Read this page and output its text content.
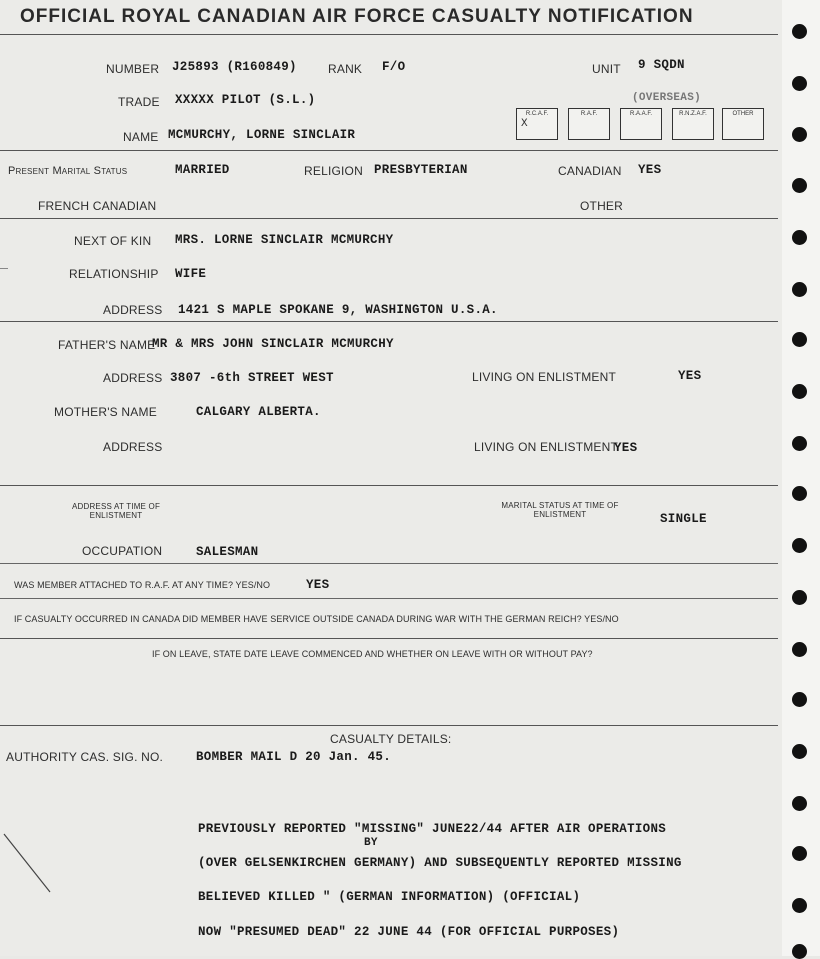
OFFICIAL ROYAL CANADIAN AIR FORCE CASUALTY NOTIFICATION
NUMBER J25893 (R160849)	RANK F/O	UNIT 9 SQDN
TRADE XXXXX PILOT (S.L.)	(OVERSEAS)
NAME MCMURCHY, LORNE SINCLAIR
R.C.A.F.
X
R.A.F.	R.A.A.F.	R.N.Z.A.F.	OTHER
Present Marital Status	MARRIED	RELIGION PRESBYTERIAN	CANADIAN YES
FRENCH CANADIAN	OTHER
NEXT OF KIN MRS. LORNE SINCLAIR MCMURCHY
RELATIONSHIP WIFE
ADDRESS 1421 S MAPLE SPOKANE 9, WASHINGTON U.S.A.
FATHER'S NAME
MR & MRS JOHN SINCLAIR MCMURCHY
ADDRESS 3807 -6th STREET WEST	LIVING ON ENLISTMENT	YES
MOTHER'S NAME	CALGARY ALBERTA.
ADDRESS	LIVING ON ENLISTMENT
YES
ADDRESS AT TIME OF ENLISTMENT
MARITAL STATUS AT TIME OF ENLISTMENT	SINGLE
OCCUPATION	SALESMAN
WAS MEMBER ATTACHED TO R.A.F. AT ANY TIME? YES/NO	YES
IF CASUALTY OCCURRED IN CANADA DID MEMBER HAVE SERVICE OUTSIDE CANADA DURING WAR WITH THE GERMAN REICH? YES/NO
IF ON LEAVE, STATE DATE LEAVE COMMENCED AND WHETHER ON LEAVE WITH OR WITHOUT PAY?
CASUALTY DETAILS:
AUTHORITY CAS. SIG. NO.	BOMBER MAIL D 20 Jan. 45.
BY
PREVIOUSLY REPORTED "MISSING" JUNE22/44 AFTER AIR OPERATIONS
(OVER GELSENKIRCHEN GERMANY) AND SUBSEQUENTLY REPORTED MISSING
BELIEVED KILLED " (GERMAN INFORMATION) (OFFICIAL)
NOW "PRESUMED DEAD" 22 JUNE 44 (FOR OFFICIAL PURPOSES)
